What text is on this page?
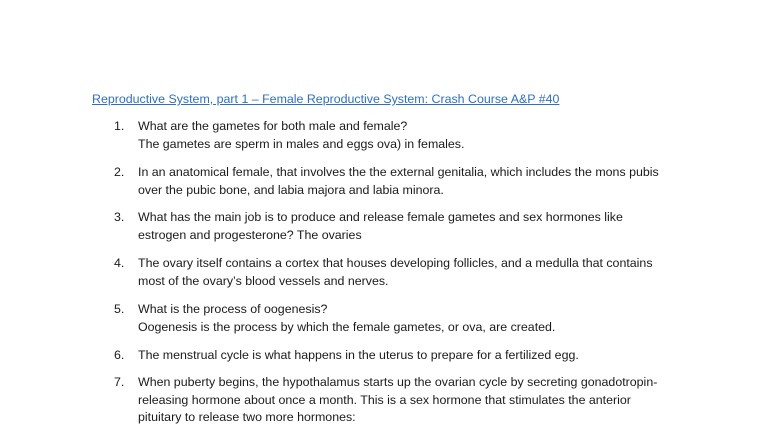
Reproductive System, part 1 – Female Reproductive System: Crash Course A&P #40
1.	What are the gametes for both male and female?
The gametes are sperm in males and eggs ova) in females.
2.	In an anatomical female, that involves the the external genitalia, which includes the mons pubis
over the pubic bone, and labia majora and labia minora.
3.	What has the main job is to produce and release female gametes and sex hormones like
estrogen and progesterone? The ovaries
4.	The ovary itself contains a cortex that houses developing follicles, and a medulla that contains
most of the ovary’s blood vessels and nerves.
5.	What is the process of oogenesis?
Oogenesis is the process by which the female gametes, or ova, are created.
6.	The menstrual cycle is what happens in the uterus to prepare for a fertilized egg.
7.	When puberty begins, the hypothalamus starts up the ovarian cycle by secreting gonadotropin-
releasing hormone about once a month. This is a sex hormone that stimulates the anterior
pituitary to release two more hormones:
